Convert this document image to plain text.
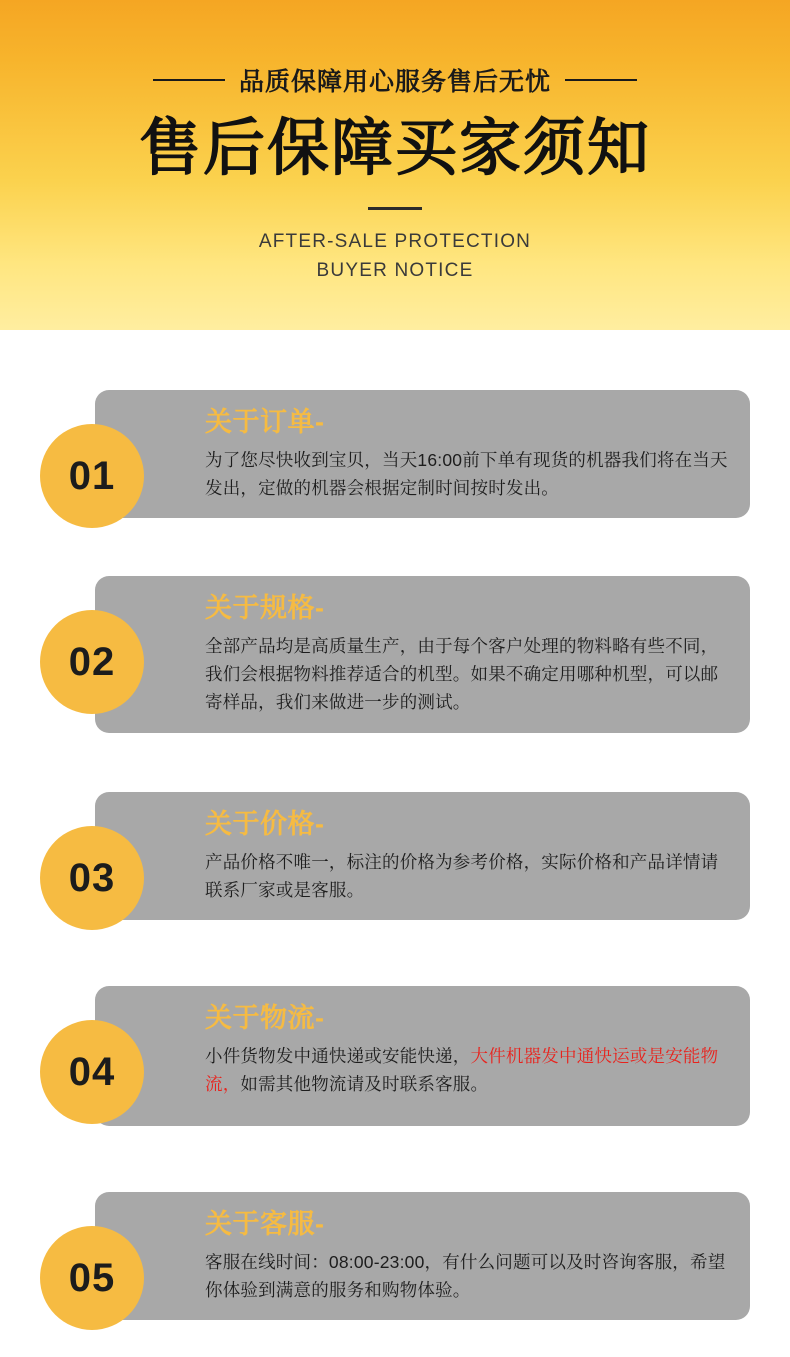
品质保障用心服务售后无忧
售后保障买家须知
AFTER-SALE PROTECTION
BUYER NOTICE
关于订单-
为了您尽快收到宝贝，当天16:00前下单有现货的机器我们将在当天发出，定做的机器会根据定制时间按时发出。
01
关于规格-
全部产品均是高质量生产，由于每个客户处理的物料略有些不同，我们会根据物料推荐适合的机型。如果不确定用哪种机型，可以邮寄样品，我们来做进一步的测试。
02
关于价格-
产品价格不唯一，标注的价格为参考价格，实际价格和产品详情请联系厂家或是客服。
03
关于物流-
小件货物发中通快递或安能快递，大件机器发中通快运或是安能物流，如需其他物流请及时联系客服。
04
关于客服-
客服在线时间：08:00-23:00，有什么问题可以及时咨询客服，希望你体验到满意的服务和购物体验。
05
